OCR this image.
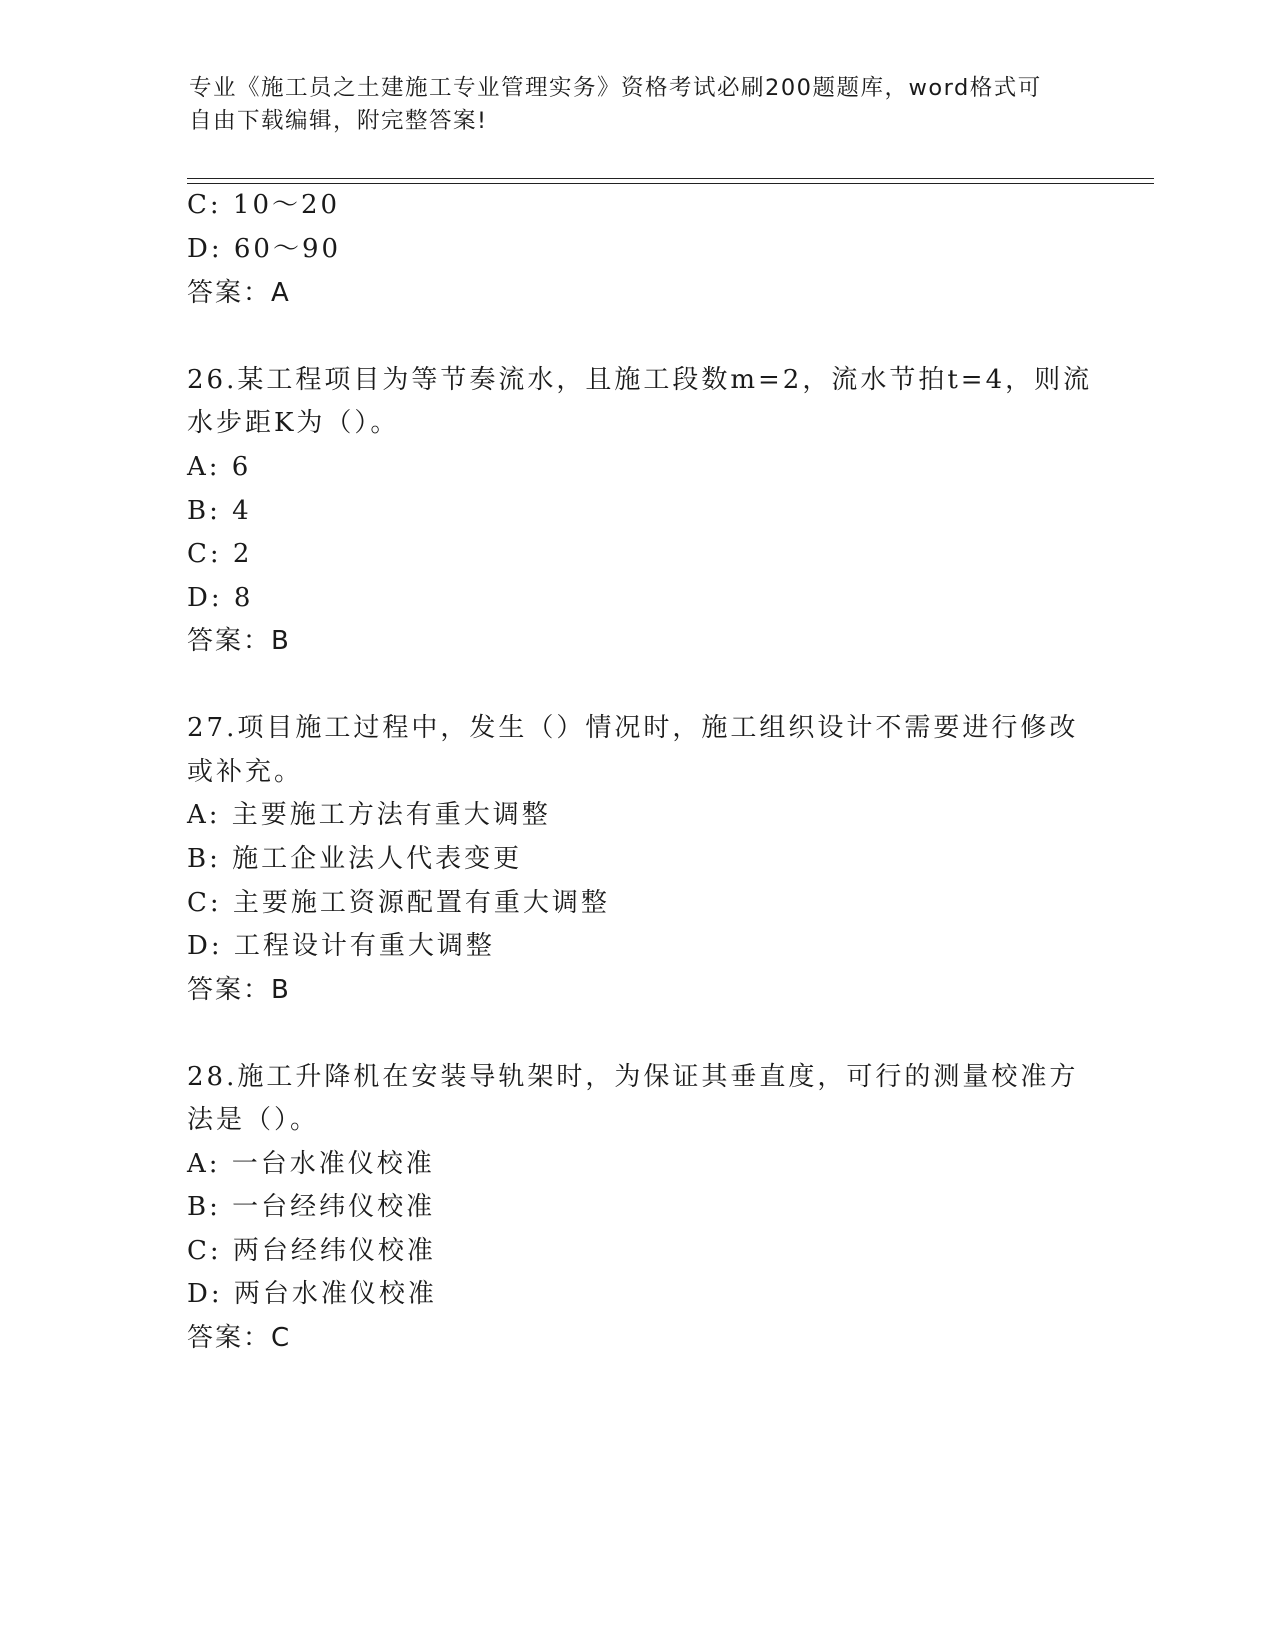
专业《施工员之土建施工专业管理实务》资格考试必刷200题题库，word格式可
自由下载编辑，附完整答案!
C: 10～20
D: 60～90
答案：A
26.某工程项目为等节奏流水，且施工段数m=2，流水节拍t=4，则流
水步距K为（）。
A: 6
B: 4
C: 2
D: 8
答案：B
27.项目施工过程中，发生（）情况时，施工组织设计不需要进行修改
或补充。
A: 主要施工方法有重大调整
B: 施工企业法人代表变更
C: 主要施工资源配置有重大调整
D: 工程设计有重大调整
答案：B
28.施工升降机在安装导轨架时，为保证其垂直度，可行的测量校准方
法是（）。
A: 一台水准仪校准
B: 一台经纬仪校准
C: 两台经纬仪校准
D: 两台水准仪校准
答案：C
